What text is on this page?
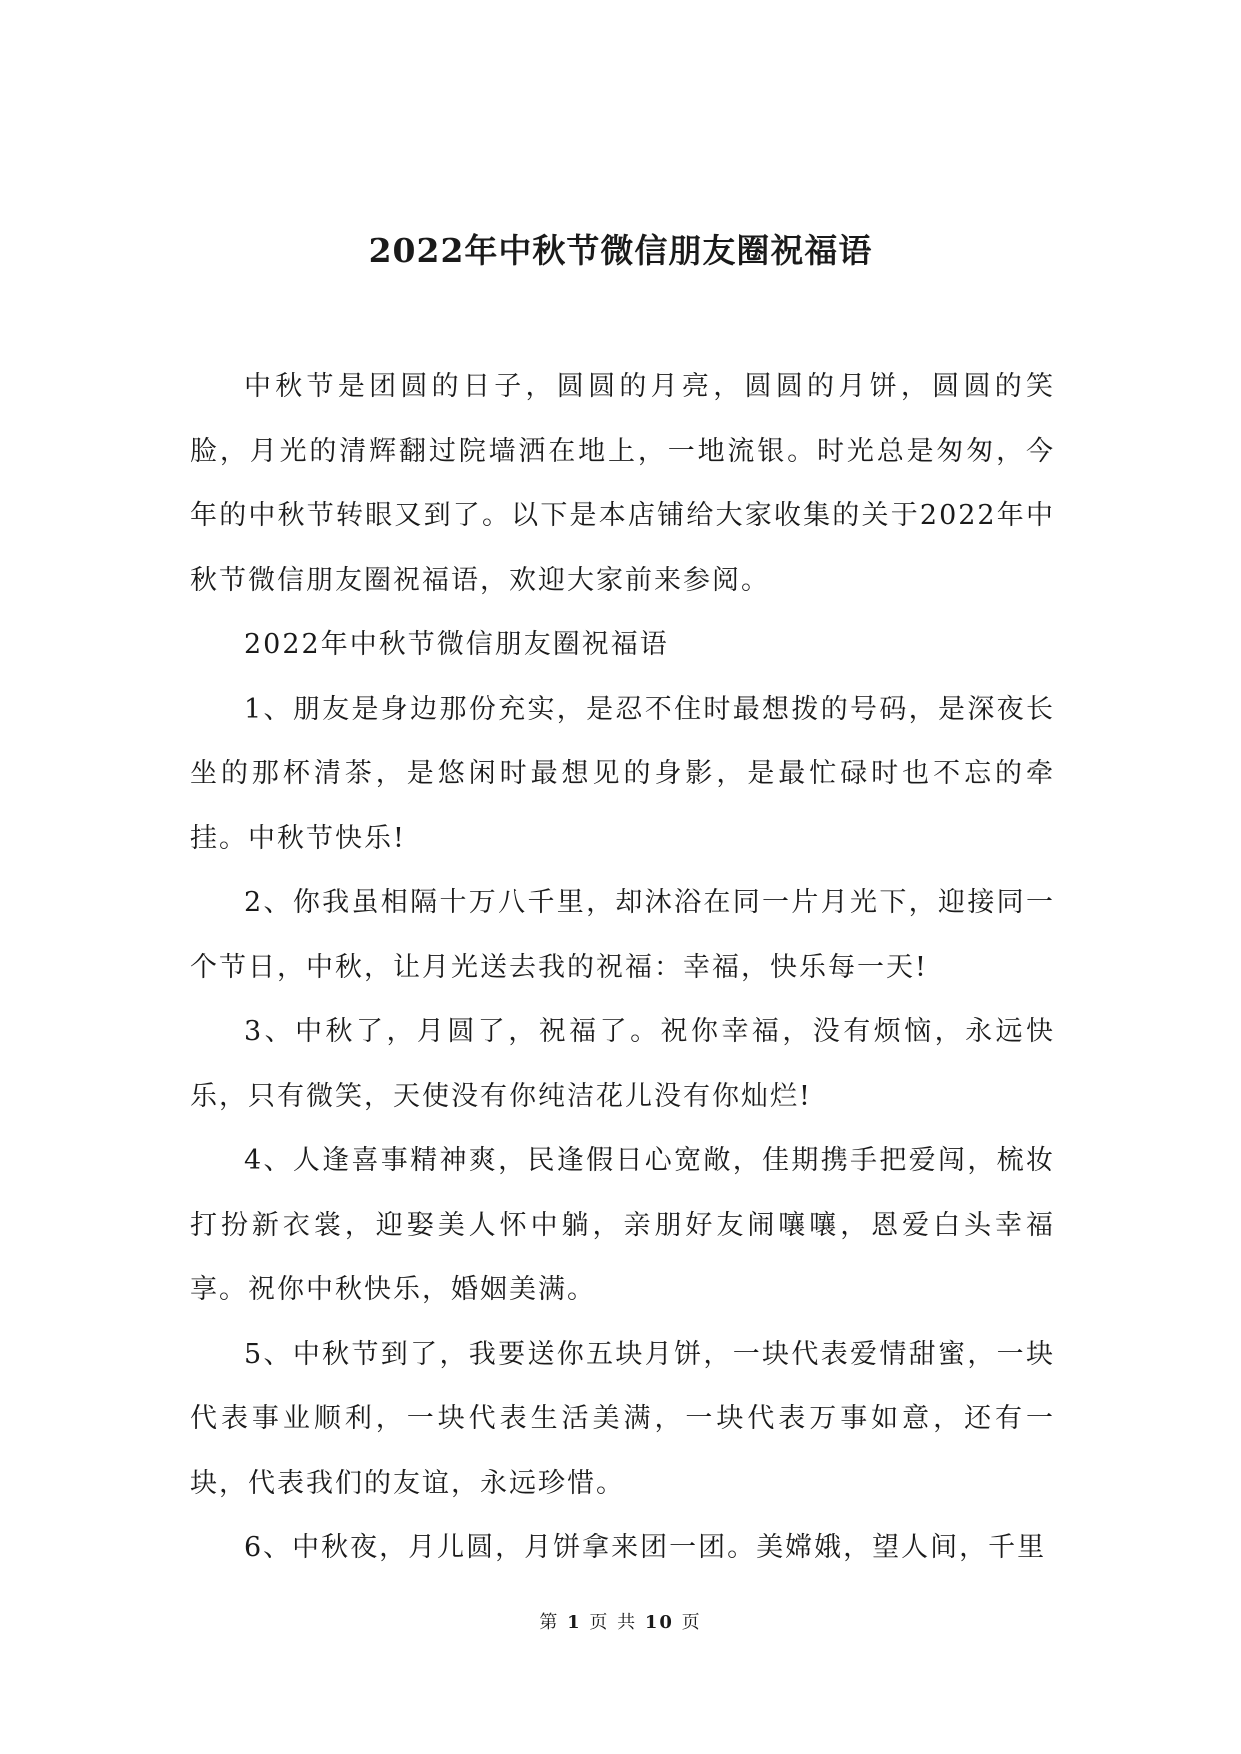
2022年中秋节微信朋友圈祝福语

中秋节是团圆的日子，圆圆的月亮，圆圆的月饼，圆圆的笑脸，月光的清辉翻过院墙洒在地上，一地流银。时光总是匆匆，今年的中秋节转眼又到了。以下是本店铺给大家收集的关于2022年中秋节微信朋友圈祝福语，欢迎大家前来参阅。

2022年中秋节微信朋友圈祝福语

1、朋友是身边那份充实，是忍不住时最想拨的号码，是深夜长坐的那杯清茶，是悠闲时最想见的身影，是最忙碌时也不忘的牵挂。中秋节快乐!

2、你我虽相隔十万八千里，却沐浴在同一片月光下，迎接同一个节日，中秋，让月光送去我的祝福：幸福，快乐每一天!

3、中秋了，月圆了，祝福了。祝你幸福，没有烦恼，永远快乐，只有微笑，天使没有你纯洁花儿没有你灿烂!

4、人逢喜事精神爽，民逢假日心宽敞，佳期携手把爱闯，梳妆打扮新衣裳，迎娶美人怀中躺，亲朋好友闹嚷嚷，恩爱白头幸福享。祝你中秋快乐，婚姻美满。

5、中秋节到了，我要送你五块月饼，一块代表爱情甜蜜，一块代表事业顺利，一块代表生活美满，一块代表万事如意，还有一块，代表我们的友谊，永远珍惜。

6、中秋夜，月儿圆，月饼拿来团一团。美嫦娥，望人间，千里

第 1 页 共 10 页
